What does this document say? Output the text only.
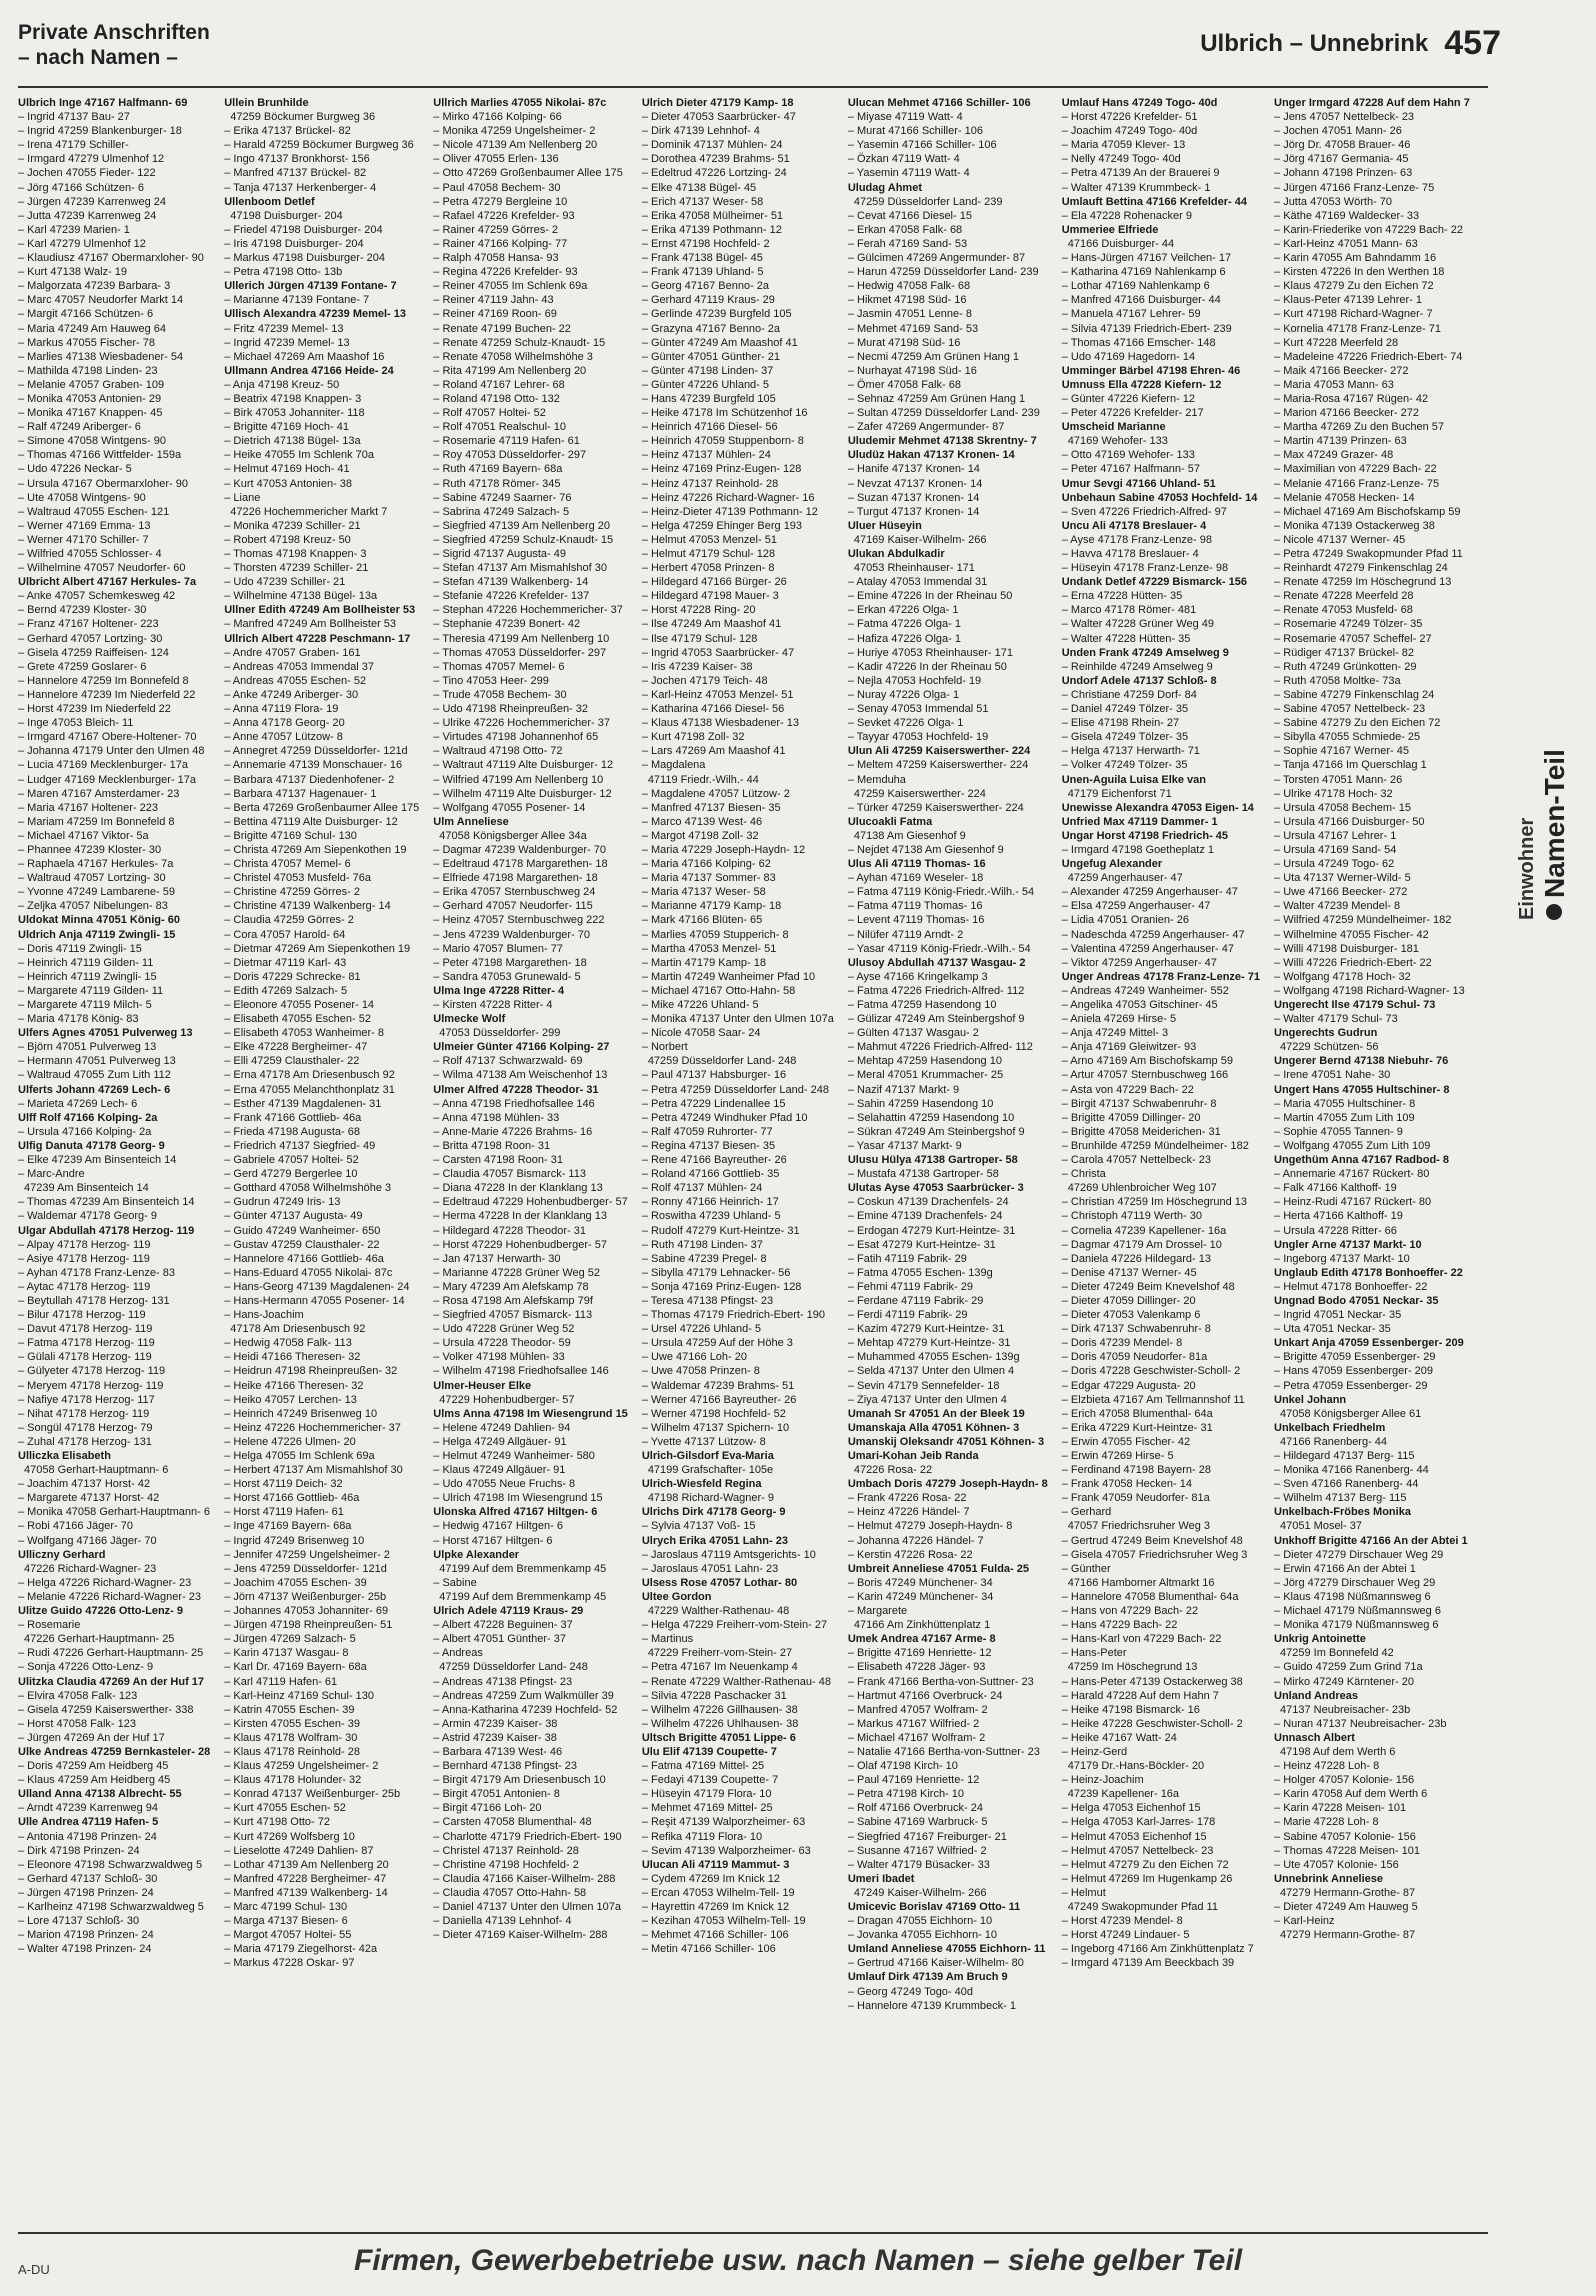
Private Anschriften
– nach Namen –
Ulbrich – Unnebrink 457
Ulbrich Inge 47167 Halfmann- 69
– Ingrid 47137 Bau- 27
– Ingrid 47259 Blankenburger- 18
– Irena 47179 Schiller-
– Irmgard 47279 Ulmenhof 12
– Jochen 47055 Fieder- 122
– Jörg 47166 Schützen- 6
– Jürgen 47239 Karrenweg 24
– Jutta 47239 Karrenweg 24
– Karl 47239 Marien- 1
– Karl 47279 Ulmenhof 12
– Klaudiusz 47167 Obermarxloher- 90
– Kurt 47138 Walz- 19
– Malgorzata 47239 Barbara- 3
– Marc 47057 Neudorfer Markt 14
– Margit 47166 Schützen- 6
– Maria 47249 Am Hauweg 64
– Markus 47055 Fischer- 78
– Marlies 47138 Wiesbadener- 54
– Mathilda 47198 Linden- 23
– Melanie 47057 Graben- 109
– Monika 47053 Antonien- 29
– Monika 47167 Knappen- 45
– Ralf 47249 Ariberger- 6
– Simone 47058 Wintgens- 90
– Thomas 47166 Wittfelder- 159a
– Udo 47226 Neckar- 5
– Ursula 47167 Obermarxloher- 90
– Ute 47058 Wintgens- 90
– Waltraud 47055 Eschen- 121
– Werner 47169 Emma- 13
– Werner 47170 Schiller- 7
– Wilfried 47055 Schlosser- 4
– Wilhelmine 47057 Neudorfer- 60
Ulbricht Albert 47167 Herkules- 7a
– Anke 47057 Schemkesweg 42
– Bernd 47239 Kloster- 30
– Franz 47167 Holtener- 223
– Gerhard 47057 Lortzing- 30
– Gisela 47259 Raiffeisen- 124
– Grete 47259 Goslarer- 6
– Hannelore 47259 Im Bonnefeld 8
– Hannelore 47239 Im Niederfeld 22
– Horst 47239 Im Niederfeld 22
– Inge 47053 Bleich- 11
– Irmgard 47167 Obere-Holtener- 70
– Johanna 47179 Unter den Ulmen 48
– Lucia 47169 Mecklenburger- 17a
– Ludger 47169 Mecklenburger- 17a
– Maren 47167 Amsterdamer- 23
– Maria 47167 Holtener- 223
– Mariam 47259 Im Bonnefeld 8
– Michael 47167 Viktor- 5a
– Phannee 47239 Kloster- 30
– Raphaela 47167 Herkules- 7a
– Waltraud 47057 Lortzing- 30
– Yvonne 47249 Lambarene- 59
– Zeljka 47057 Nibelungen- 83
Uldokat Minna 47051 König- 60
Uldrich Anja 47119 Zwingli- 15
– Doris 47119 Zwingli- 15
– Heinrich 47119 Gilden- 11
– Heinrich 47119 Zwingli- 15
– Margarete 47119 Gilden- 11
– Margarete 47119 Milch- 5
– Maria 47178 König- 83
Ulfers Agnes 47051 Pulverweg 13
– Björn 47051 Pulverweg 13
– Hermann 47051 Pulverweg 13
– Waltraud 47055 Zum Lith 112
Ulferts Johann 47269 Lech- 6
– Marieta 47269 Lech- 6
Ulff Rolf 47166 Kolping- 2a
– Ursula 47166 Kolping- 2a
Ulfig Danuta 47178 Georg- 9
– Elke 47239 Am Binsenteich 14
– Marc-Andre
47239 Am Binsenteich 14
– Thomas 47239 Am Binsenteich 14
– Waldemar 47178 Georg- 9
Ulgar Abdullah 47178 Herzog- 119
– Alpay 47178 Herzog- 119
– Asiye 47178 Herzog- 119
– Ayhan 47178 Franz-Lenze- 83
– Aytac 47178 Herzog- 119
– Beytullah 47178 Herzog- 131
– Bilur 47178 Herzog- 119
– Davut 47178 Herzog- 119
– Fatma 47178 Herzog- 119
– Gülali 47178 Herzog- 119
– Gülyeter 47178 Herzog- 119
– Meryem 47178 Herzog- 119
– Nafiye 47178 Herzog- 117
– Nihat 47178 Herzog- 119
– Songül 47178 Herzog- 79
– Zuhal 47178 Herzog- 131
Ulliczka Elisabeth
47058 Gerhart-Hauptmann- 6
– Joachim 47137 Horst- 42
– Margarete 47137 Horst- 42
– Monika 47058 Gerhart-Hauptmann- 6
– Robi 47166 Jäger- 70
– Wolfgang 47166 Jäger- 70
Ulliczny Gerhard
47226 Richard-Wagner- 23
– Helga 47226 Richard-Wagner- 23
– Melanie 47226 Richard-Wagner- 23
Ulitze Guido 47226 Otto-Lenz- 9
– Rosemarie
47226 Gerhart-Hauptmann- 25
– Rudi 47226 Gerhart-Hauptmann- 25
– Sonja 47226 Otto-Lenz- 9
Ulitzka Claudia 47269 An der Huf 17
– Elvira 47058 Falk- 123
– Gisela 47259 Kaiserswerther- 338
– Horst 47058 Falk- 123
– Jürgen 47269 An der Huf 17
Ulke Andreas 47259 Bernkasteler- 28
– Doris 47259 Am Heidberg 45
– Klaus 47259 Am Heidberg 45
Ulland Anna 47138 Albrecht- 55
– Arndt 47239 Karrenweg 94
Ulle Andrea 47119 Hafen- 5
– Antonia 47198 Prinzen- 24
– Dirk 47198 Prinzen- 24
– Eleonore 47198 Schwarzwaldweg 5
– Gerhard 47137 Schloß- 30
– Jürgen 47198 Prinzen- 24
– Karlheinz 47198 Schwarzwaldweg 5
– Lore 47137 Schloß- 30
– Marion 47198 Prinzen- 24
– Walter 47198 Prinzen- 24
Ullein Brunhilde
47259 Böckumer Burgweg 36
– Erika 47137 Brückel- 82
– Harald 47259 Böckumer Burgweg 36
– Ingo 47137 Bronkhorst- 156
– Manfred 47137 Brückel- 82
– Tanja 47137 Herkenberger- 4
Ullenboom Detlef
47198 Duisburger- 204
– Friedel 47198 Duisburger- 204
– Iris 47198 Duisburger- 204
– Markus 47198 Duisburger- 204
– Petra 47198 Otto- 13b
Ullerich Jürgen 47139 Fontane- 7
– Marianne 47139 Fontane- 7
Ullisch Alexandra 47239 Memel- 13
– Fritz 47239 Memel- 13
– Ingrid 47239 Memel- 13
– Michael 47269 Am Maashof 16
Ullmann Andrea 47166 Heide- 24
– Anja 47198 Kreuz- 50
– Beatrix 47198 Knappen- 3
– Birk 47053 Johanniter- 118
– Brigitte 47169 Hoch- 41
– Dietrich 47138 Bügel- 13a
– Heike 47055 Im Schlenk 70a
– Helmut 47169 Hoch- 41
– Kurt 47053 Antonien- 38
– Liane
47226 Hochemmericher Markt 7
– Monika 47239 Schiller- 21
– Robert 47198 Kreuz- 50
– Thomas 47198 Knappen- 3
– Thorsten 47239 Schiller- 21
– Udo 47239 Schiller- 21
– Wilhelmine 47138 Bügel- 13a
Ullner Edith 47249 Am Bollheister 53
– Manfred 47249 Am Bollheister 53
Ullrich Albert 47228 Peschmann- 17
– Andre 47057 Graben- 161
– Andreas 47053 Immendal 37
– Andreas 47055 Eschen- 52
– Anke 47249 Ariberger- 30
– Anna 47119 Flora- 19
– Anna 47178 Georg- 20
– Anne 47057 Lützow- 8
– Annegret 47259 Düsseldorfer- 121d
– Annemarie 47139 Monschauer- 16
– Barbara 47137 Diedenhofener- 2
– Barbara 47137 Hagenauer- 1
– Berta 47269 Großenbaumer Allee 175
– Bettina 47119 Alte Duisburger- 12
– Brigitte 47169 Schul- 130
– Christa 47269 Am Siepenkothen 19
– Christa 47057 Memel- 6
– Christel 47053 Musfeld- 76a
– Christine 47259 Görres- 2
– Christine 47139 Walkenberg- 14
– Claudia 47259 Görres- 2
– Cora 47057 Harold- 64
– Dietmar 47269 Am Siepenkothen 19
– Dietmar 47119 Karl- 43
– Doris 47229 Schrecke- 81
– Edith 47269 Salzach- 5
– Eleonore 47055 Posener- 14
– Elisabeth 47055 Eschen- 52
– Elisabeth 47053 Wanheimer- 8
– Elke 47228 Bergheimer- 47
– Elli 47259 Clausthaler- 22
– Erna 47178 Am Driesenbusch 92
– Erna 47055 Melanchthonplatz 31
– Esther 47139 Magdalenen- 31
– Frank 47166 Gottlieb- 46a
– Frieda 47198 Augusta- 68
– Friedrich 47137 Siegfried- 49
– Gabriele 47057 Holtei- 52
– Gerd 47279 Bergerlee 10
– Gotthard 47058 Wilhelmshöhe 3
– Gudrun 47249 Iris- 13
– Günter 47137 Augusta- 49
– Guido 47249 Wanheimer- 650
– Gustav 47259 Clausthaler- 22
– Hannelore 47166 Gottlieb- 46a
– Hans-Eduard 47055 Nikolai- 87c
– Hans-Georg 47139 Magdalenen- 24
– Hans-Hermann 47055 Posener- 14
– Hans-Joachim
47178 Am Driesenbusch 92
– Hedwig 47058 Falk- 113
– Heidi 47166 Theresen- 32
– Heidrun 47198 Rheinpreußen- 32
– Heike 47166 Theresen- 32
– Heiko 47057 Lerchen- 13
– Heinrich 47249 Brisenweg 10
– Heinz 47226 Hochemmericher- 37
– Helene 47226 Ulmen- 20
– Helga 47055 Im Schlenk 69a
– Herbert 47137 Am Mismahlshof 30
– Horst 47119 Deich- 32
– Horst 47166 Gottlieb- 46a
– Horst 47119 Hafen- 61
– Inge 47169 Bayern- 68a
– Ingrid 47249 Brisenweg 10
– Jennifer 47259 Ungelsheimer- 2
– Jens 47259 Düsseldorfer- 121d
– Joachim 47055 Eschen- 39
– Jörn 47137 Weißenburger- 25b
– Johannes 47053 Johanniter- 69
– Jürgen 47198 Rheinpreußen- 51
– Jürgen 47269 Salzach- 5
– Karin 47137 Wasgau- 8
– Karl Dr. 47169 Bayern- 68a
– Karl 47119 Hafen- 61
– Karl-Heinz 47169 Schul- 130
– Katrin 47055 Eschen- 39
– Kirsten 47055 Eschen- 39
– Klaus 47178 Wolfram- 30
– Klaus 47178 Reinhold- 28
– Klaus 47259 Ungelsheimer- 2
– Klaus 47178 Holunder- 32
– Konrad 47137 Weißenburger- 25b
– Kurt 47055 Eschen- 52
– Kurt 47198 Otto- 72
– Kurt 47269 Wolfsberg 10
– Lieselotte 47249 Dahlien- 87
– Lothar 47139 Am Nellenberg 20
– Manfred 47228 Bergheimer- 47
– Manfred 47139 Walkenberg- 14
– Marc 47199 Schul- 130
– Marga 47137 Biesen- 6
– Margot 47057 Holtei- 55
– Maria 47179 Ziegelhorst- 42a
– Markus 47228 Oskar- 97
Ullrich Marlies 47055 Nikolai- 87c
– Mirko 47166 Kolping- 66
– Monika 47259 Ungelsheimer- 2
– Nicole 47139 Am Nellenberg 20
– Oliver 47055 Erlen- 136
– Otto 47269 Großenbaumer Allee 175
– Paul 47058 Bechem- 30
– Petra 47279 Bergleine 10
– Rafael 47226 Krefelder- 93
– Rainer 47259 Görres- 2
– Rainer 47166 Kolping- 77
– Ralph 47058 Hansa- 93
– Regina 47226 Krefelder- 93
– Reiner 47055 Im Schlenk 69a
– Reiner 47119 Jahn- 43
– Reiner 47169 Roon- 69
– Renate 47199 Buchen- 22
– Renate 47259 Schulz-Knaudt- 15
– Renate 47058 Wilhelmshöhe 3
– Rita 47199 Am Nellenberg 20
– Roland 47167 Lehrer- 68
– Roland 47198 Otto- 132
– Rolf 47057 Holtei- 52
– Rolf 47051 Realschul- 10
– Rosemarie 47119 Hafen- 61
– Roy 47053 Düsseldorfer- 297
– Ruth 47169 Bayern- 68a
– Ruth 47178 Römer- 345
– Sabine 47249 Saarner- 76
– Sabrina 47249 Salzach- 5
– Siegfried 47139 Am Nellenberg 20
– Siegfried 47259 Schulz-Knaudt- 15
– Sigrid 47137 Augusta- 49
– Stefan 47137 Am Mismahlshof 30
– Stefan 47139 Walkenberg- 14
– Stefanie 47226 Krefelder- 137
– Stephan 47226 Hochemmericher- 37
– Stephanie 47239 Bonert- 42
– Theresia 47199 Am Nellenberg 10
– Thomas 47053 Düsseldorfer- 297
– Thomas 47057 Memel- 6
– Tino 47053 Heer- 299
– Trude 47058 Bechem- 30
– Udo 47198 Rheinpreußen- 32
– Ulrike 47226 Hochemmericher- 37
– Virtudes 47198 Johannenhof 65
– Waltraud 47198 Otto- 72
– Waltraut 47119 Alte Duisburger- 12
– Wilfried 47199 Am Nellenberg 10
– Wilhelm 47119 Alte Duisburger- 12
– Wolfgang 47055 Posener- 14
Ulm Anneliese
47058 Königsberger Allee 34a
– Dagmar 47239 Waldenburger- 70
– Edeltraud 47178 Margarethen- 18
– Elfriede 47198 Margarethen- 18
– Erika 47057 Sternbuschweg 24
– Gerhard 47057 Neudorfer- 115
– Heinz 47057 Sternbuschweg 222
– Jens 47239 Waldenburger- 70
– Mario 47057 Blumen- 77
– Peter 47198 Margarethen- 18
– Sandra 47053 Grunewald- 5
Ulma Inge 47228 Ritter- 4
– Kirsten 47228 Ritter- 4
Ulmecke Wolf
47053 Düsseldorfer- 299
Ulmeier Günter 47166 Kolping- 27
– Rolf 47137 Schwarzwald- 69
– Wilma 47138 Am Weischenhof 13
Ulmer Alfred 47228 Theodor- 31
– Anna 47198 Friedhofsallee 146
– Anna 47198 Mühlen- 33
– Anne-Marie 47226 Brahms- 16
– Britta 47198 Roon- 31
– Carsten 47198 Roon- 31
– Claudia 47057 Bismarck- 113
– Diana 47228 In der Klanklang 13
– Edeltraud 47229 Hohenbudberger- 57
– Herma 47228 In der Klanklang 13
– Hildegard 47228 Theodor- 31
– Horst 47229 Hohenbudberger- 57
– Jan 47137 Herwarth- 30
– Marianne 47228 Grüner Weg 52
– Mary 47239 Am Alefskamp 78
– Rosa 47198 Am Alefskamp 79f
– Siegfried 47057 Bismarck- 113
– Udo 47228 Grüner Weg 52
– Ursula 47228 Theodor- 59
– Volker 47198 Mühlen- 33
– Wilhelm 47198 Friedhofsallee 146
Ulmer-Heuser Elke
47229 Hohenbudberger- 57
Ulms Anna 47198 Im Wiesengrund 15
– Helene 47249 Dahlien- 94
– Helga 47249 Allgäuer- 91
– Helmut 47249 Wanheimer- 580
– Klaus 47249 Allgäuer- 91
– Udo 47055 Neue Fruchs- 8
– Ulrich 47198 Im Wiesengrund 15
Ulonska Alfred 47167 Hiltgen- 6
– Hedwig 47167 Hiltgen- 6
– Horst 47167 Hiltgen- 6
Ulpke Alexander
47199 Auf dem Bremmenkamp 45
– Sabine
47199 Auf dem Bremmenkamp 45
Ulrich Adele 47119 Kraus- 29
– Albert 47228 Beguinen- 37
– Albert 47051 Günther- 37
– Andreas
47259 Düsseldorfer Land- 248
– Andreas 47138 Pfingst- 23
– Andreas 47259 Zum Walkmüller 39
– Anna-Katharina 47239 Hochfeld- 52
– Armin 47239 Kaiser- 38
– Astrid 47239 Kaiser- 38
– Barbara 47139 West- 46
– Bernhard 47138 Pfingst- 23
– Birgit 47179 Am Driesenbusch 10
– Birgit 47051 Antonien- 8
– Birgit 47166 Loh- 20
– Carsten 47058 Blumenthal- 48
– Charlotte 47179 Friedrich-Ebert- 190
– Christel 47137 Reinhold- 28
– Christine 47198 Hochfeld- 2
– Claudia 47166 Kaiser-Wilhelm- 288
– Claudia 47057 Otto-Hahn- 58
– Daniel 47137 Unter den Ulmen 107a
– Daniella 47139 Lehnhof- 4
– Dieter 47169 Kaiser-Wilhelm- 288
Ulrich Dieter 47179 Kamp- 18
– Dieter 47053 Saarbrücker- 47
– Dirk 47139 Lehnhof- 4
– Dominik 47137 Mühlen- 24
– Dorothea 47239 Brahms- 51
– Edeltrud 47226 Lortzing- 24
– Elke 47138 Bügel- 45
– Erich 47137 Weser- 58
– Erika 47058 Mülheimer- 51
– Erika 47139 Pothmann- 12
– Ernst 47198 Hochfeld- 2
– Frank 47138 Bügel- 45
– Frank 47139 Uhland- 5
– Georg 47167 Benno- 2a
– Gerhard 47119 Kraus- 29
– Gerlinde 47239 Burgfeld 105
– Grazyna 47167 Benno- 2a
– Günter 47249 Am Maashof 41
– Günter 47051 Günther- 21
– Günter 47198 Linden- 37
– Günter 47226 Uhland- 5
– Hans 47239 Burgfeld 105
– Heike 47178 Im Schützenhof 16
– Heinrich 47166 Diesel- 56
– Heinrich 47059 Stuppenborn- 8
– Heinz 47137 Mühlen- 24
– Heinz 47169 Prinz-Eugen- 128
– Heinz 47137 Reinhold- 28
– Heinz 47226 Richard-Wagner- 16
– Heinz-Dieter 47139 Pothmann- 12
– Helga 47259 Ehinger Berg 193
– Helmut 47053 Menzel- 51
– Helmut 47179 Schul- 128
– Herbert 47058 Prinzen- 8
– Hildegard 47166 Bürger- 26
– Hildegard 47198 Mauer- 3
– Horst 47228 Ring- 20
– Ilse 47249 Am Maashof 41
– Ilse 47179 Schul- 128
– Ingrid 47053 Saarbrücker- 47
– Iris 47239 Kaiser- 38
– Jochen 47179 Teich- 48
– Karl-Heinz 47053 Menzel- 51
– Katharina 47166 Diesel- 56
– Klaus 47138 Wiesbadener- 13
– Kurt 47198 Zoll- 32
– Lars 47269 Am Maashof 41
– Magdalena
47119 Friedr.-Wilh.- 44
– Magdalene 47057 Lützow- 2
– Manfred 47137 Biesen- 35
– Marco 47139 West- 46
– Margot 47198 Zoll- 32
– Maria 47229 Joseph-Haydn- 12
– Maria 47166 Kolping- 62
– Maria 47137 Sommer- 83
– Maria 47137 Weser- 58
– Marianne 47179 Kamp- 18
– Mark 47166 Blüten- 65
– Marlies 47059 Stupperich- 8
– Martha 47053 Menzel- 51
– Martin 47179 Kamp- 18
– Martin 47249 Wanheimer Pfad 10
– Michael 47167 Otto-Hahn- 58
– Mike 47226 Uhland- 5
– Monika 47137 Unter den Ulmen 107a
– Nicole 47058 Saar- 24
– Norbert
47259 Düsseldorfer Land- 248
– Paul 47137 Habsburger- 16
– Petra 47259 Düsseldorfer Land- 248
– Petra 47229 Lindenallee 15
– Petra 47249 Windhuker Pfad 10
– Ralf 47059 Ruhrorter- 77
– Regina 47137 Biesen- 35
– Rene 47166 Bayreuther- 26
– Roland 47166 Gottlieb- 35
– Rolf 47137 Mühlen- 24
– Ronny 47166 Heinrich- 17
– Roswitha 47239 Uhland- 5
– Rudolf 47279 Kurt-Heintze- 31
– Ruth 47198 Linden- 37
– Sabine 47239 Pregel- 8
– Sibylla 47179 Lehnacker- 56
– Sonja 47169 Prinz-Eugen- 128
– Teresa 47138 Pfingst- 23
– Thomas 47179 Friedrich-Ebert- 190
– Ursel 47226 Uhland- 5
– Ursula 47259 Auf der Höhe 3
– Uwe 47166 Loh- 20
– Uwe 47058 Prinzen- 8
– Waldemar 47239 Brahms- 51
– Werner 47166 Bayreuther- 26
– Werner 47198 Hochfeld- 52
– Wilhelm 47137 Spichern- 10
– Yvette 47137 Lützow- 8
Ulrich-Gilsdorf Eva-Maria
47199 Grafschafter- 105e
Ulrich-Wiesfeld Regina
47198 Richard-Wagner- 9
Ulrichs Dirk 47178 Georg- 9
– Sylvia 47137 Voß- 15
Ulrych Erika 47051 Lahn- 23
– Jaroslaus 47119 Amtsgerichts- 10
– Jaroslaus 47051 Lahn- 23
Ulsess Rose 47057 Lothar- 80
Ultee Gordon
47229 Walther-Rathenau- 48
– Helga 47229 Freiherr-vom-Stein- 27
– Martinus
47229 Freiherr-vom-Stein- 27
– Petra 47167 Im Neuenkamp 4
– Renate 47229 Walther-Rathenau- 48
– Silvia 47228 Paschacker 31
– Wilhelm 47226 Gillhausen- 38
– Wilhelm 47226 Uhlhausen- 38
Ultsch Brigitte 47051 Lippe- 6
Ulu Elif 47139 Coupette- 7
– Fatma 47169 Mittel- 25
– Fedayi 47139 Coupette- 7
– Hüseyin 47179 Flora- 10
– Mehmet 47169 Mittel- 25
– Reşit 47139 Walporzheimer- 63
– Refika 47119 Flora- 10
– Sevim 47139 Walporzheimer- 63
Ulucan Ali 47119 Mammut- 3
– Cydem 47269 Im Knick 12
– Ercan 47053 Wilhelm-Tell- 19
– Hayrettin 47269 Im Knick 12
– Kezihan 47053 Wilhelm-Tell- 19
– Mehmet 47166 Schiller- 106
– Metin 47166 Schiller- 106
Ulucan Mehmet 47166 Schiller- 106
– Miyase 47119 Watt- 4
– Murat 47166 Schiller- 106
– Yasemin 47166 Schiller- 106
– Özkan 47119 Watt- 4
– Yasemin 47119 Watt- 4
Uludag Ahmet
47259 Düsseldorfer Land- 239
– Cevat 47166 Diesel- 15
– Erkan 47058 Falk- 68
– Ferah 47169 Sand- 53
– Gülcimen 47269 Angermunder- 87
– Harun 47259 Düsseldorfer Land- 239
– Hedwig 47058 Falk- 68
– Hikmet 47198 Süd- 16
– Jasmin 47051 Lenne- 8
– Mehmet 47169 Sand- 53
– Murat 47198 Süd- 16
– Necmi 47259 Am Grünen Hang 1
– Nurhayat 47198 Süd- 16
– Ömer 47058 Falk- 68
– Sehnaz 47259 Am Grünen Hang 1
– Sultan 47259 Düsseldorfer Land- 239
– Zafer 47269 Angermunder- 87
Uludemir Mehmet 47138 Skrentny- 7
Uludüz Hakan 47137 Kronen- 14
– Hanife 47137 Kronen- 14
– Nevzat 47137 Kronen- 14
– Suzan 47137 Kronen- 14
– Turgut 47137 Kronen- 14
Uluer Hüseyin
47169 Kaiser-Wilhelm- 266
Ulukan Abdulkadir
47053 Rheinhauser- 171
– Atalay 47053 Immendal 31
– Emine 47226 In der Rheinau 50
– Erkan 47226 Olga- 1
– Fatma 47226 Olga- 1
– Hafiza 47226 Olga- 1
– Huriye 47053 Rheinhauser- 171
– Kadir 47226 In der Rheinau 50
– Nejla 47053 Hochfeld- 19
– Nuray 47226 Olga- 1
– Senay 47053 Immendal 51
– Sevket 47226 Olga- 1
– Tayyar 47053 Hochfeld- 19
Ulun Ali 47259 Kaiserswerther- 224
– Meltem 47259 Kaiserswerther- 224
– Memduha
47259 Kaiserswerther- 224
– Türker 47259 Kaiserswerther- 224
Ulucoakli Fatma
47138 Am Giesenhof 9
– Nejdet 47138 Am Giesenhof 9
Ulus Ali 47119 Thomas- 16
– Ayhan 47169 Weseler- 18
– Fatma 47119 König-Friedr.-Wilh.- 54
– Fatma 47119 Thomas- 16
– Levent 47119 Thomas- 16
– Nilüfer 47119 Arndt- 2
– Yasar 47119 König-Friedr.-Wilh.- 54
Ulusoy Abdullah 47137 Wasgau- 2
– Ayse 47166 Kringelkamp 3
– Fatma 47226 Friedrich-Alfred- 112
– Fatma 47259 Hasendong 10
– Gülizar 47249 Am Steinbergshof 9
– Gülten 47137 Wasgau- 2
– Mahmut 47226 Friedrich-Alfred- 112
– Mehtap 47259 Hasendong 10
– Meral 47051 Krummacher- 25
– Nazif 47137 Markt- 9
– Sahin 47259 Hasendong 10
– Selahattin 47259 Hasendong 10
– Sükran 47249 Am Steinbergshof 9
– Yasar 47137 Markt- 9
Ulusu Hülya 47138 Gartroper- 58
– Mustafa 47138 Gartroper- 58
Ulutas Ayse 47053 Saarbrücker- 3
– Coskun 47139 Drachenfels- 24
– Emine 47139 Drachenfels- 24
– Erdogan 47279 Kurt-Heintze- 31
– Esat 47279 Kurt-Heintze- 31
– Fatih 47119 Fabrik- 29
– Fatma 47055 Eschen- 139g
– Fehmi 47119 Fabrik- 29
– Ferdane 47119 Fabrik- 29
– Ferdi 47119 Fabrik- 29
– Kazim 47279 Kurt-Heintze- 31
– Mehtap 47279 Kurt-Heintze- 31
– Muhammed 47055 Eschen- 139g
– Selda 47137 Unter den Ulmen 4
– Sevin 47179 Sennefelder- 18
– Ziya 47137 Unter den Ulmen 4
Umanah Sr 47051 An der Bleek 19
Umanskaja Alla 47051 Köhnen- 3
Umanskij Oleksandr 47051 Köhnen- 3
Umari-Kohan Jeib Randa
47226 Rosa- 22
Umbach Doris 47279 Joseph-Haydn- 8
– Frank 47226 Rosa- 22
– Heinz 47226 Händel- 7
– Helmut 47279 Joseph-Haydn- 8
– Johanna 47226 Händel- 7
– Kerstin 47226 Rosa- 22
Umbreit Anneliese 47051 Fulda- 25
– Boris 47249 Münchener- 34
– Karin 47249 Münchener- 34
– Margarete
47166 Am Zinkhüttenplatz 1
Umek Andrea 47167 Arme- 8
– Brigitte 47169 Henriette- 12
– Elisabeth 47228 Jäger- 93
– Frank 47166 Bertha-von-Suttner- 23
– Hartmut 47166 Overbruck- 24
– Manfred 47057 Wolfram- 2
– Markus 47167 Wilfried- 2
– Michael 47167 Wolfram- 2
– Natalie 47166 Bertha-von-Suttner- 23
– Olaf 47198 Kirch- 10
– Paul 47169 Henriette- 12
– Petra 47198 Kirch- 10
– Rolf 47166 Overbruck- 24
– Sabine 47169 Warbruck- 5
– Siegfried 47167 Freiburger- 21
– Susanne 47167 Wilfried- 2
– Walter 47179 Büsacker- 33
Umeri Ibadet
47249 Kaiser-Wilhelm- 266
Umicevic Borislav 47169 Otto- 11
– Dragan 47055 Eichhorn- 10
– Jovanka 47055 Eichhorn- 10
Umland Anneliese 47055 Eichhorn- 11
– Gertrud 47166 Kaiser-Wilhelm- 80
Umlauf Dirk 47139 Am Bruch 9
– Georg 47249 Togo- 40d
– Hannelore 47139 Krummbeck- 1
Umlauf Hans 47249 Togo- 40d
– Horst 47226 Krefelder- 51
– Joachim 47249 Togo- 40d
– Maria 47059 Klever- 13
– Nelly 47249 Togo- 40d
– Petra 47139 An der Brauerei 9
– Walter 47139 Krummbeck- 1
Umlauft Bettina 47166 Krefelder- 44
– Ela 47228 Rohenacker 9
Ummeriee Elfriede
47166 Duisburger- 44
– Hans-Jürgen 47167 Veilchen- 17
– Katharina 47169 Nahlenkamp 6
– Lothar 47169 Nahlenkamp 6
– Manfred 47166 Duisburger- 44
– Manuela 47167 Lehrer- 59
– Silvia 47139 Friedrich-Ebert- 239
– Thomas 47166 Emscher- 148
– Udo 47169 Hagedorn- 14
Umminger Bärbel 47198 Ehren- 46
Umnuss Ella 47228 Kiefern- 12
– Günter 47226 Kiefern- 12
– Peter 47226 Krefelder- 217
Umscheid Marianne
47169 Wehofer- 133
– Otto 47169 Wehofer- 133
– Peter 47167 Halfmann- 57
Umur Sevgi 47166 Uhland- 51
Unbehaun Sabine 47053 Hochfeld- 14
– Sven 47226 Friedrich-Alfred- 97
Uncu Ali 47178 Breslauer- 4
– Ayse 47178 Franz-Lenze- 98
– Havva 47178 Breslauer- 4
– Hüseyin 47178 Franz-Lenze- 98
Undank Detlef 47229 Bismarck- 156
– Erna 47228 Hütten- 35
– Marco 47178 Römer- 481
– Walter 47228 Grüner Weg 49
– Walter 47228 Hütten- 35
Unden Frank 47249 Amselweg 9
– Reinhilde 47249 Amselweg 9
Undorf Adele 47137 Schloß- 8
– Christiane 47259 Dorf- 84
– Daniel 47249 Tölzer- 35
– Elise 47198 Rhein- 27
– Gisela 47249 Tölzer- 35
– Helga 47137 Herwarth- 71
– Volker 47249 Tölzer- 35
Unen-Aguila Luisa Elke van
47179 Eichenforst 71
Unewisse Alexandra 47053 Eigen- 14
Unfried Max 47119 Dammer- 1
Ungar Horst 47198 Friedrich- 45
– Irmgard 47198 Goetheplatz 1
Ungefug Alexander
47259 Angerhauser- 47
– Alexander 47259 Angerhauser- 47
– Elsa 47259 Angerhauser- 47
– Lidia 47051 Oranien- 26
– Nadeschda 47259 Angerhauser- 47
– Valentina 47259 Angerhauser- 47
– Viktor 47259 Angerhauser- 47
Unger Andreas 47178 Franz-Lenze- 71
– Andreas 47249 Wanheimer- 552
– Angelika 47053 Gitschiner- 45
– Aniela 47269 Hirse- 5
– Anja 47249 Mittel- 3
– Anja 47169 Gleiwitzer- 93
– Arno 47169 Am Bischofskamp 59
– Artur 47057 Sternbuschweg 166
– Asta von 47229 Bach- 22
– Birgit 47137 Schwabenruhr- 8
– Brigitte 47059 Dillinger- 20
– Brigitte 47058 Meiderichen- 31
– Brunhilde 47259 Mündelheimer- 182
– Carola 47057 Nettelbeck- 23
– Christa
47269 Uhlenbroicher Weg 107
– Christian 47259 Im Höschegrund 13
– Christoph 47119 Werth- 30
– Cornelia 47239 Kapellener- 16a
– Dagmar 47179 Am Drossel- 10
– Daniela 47226 Hildegard- 13
– Denise 47137 Werner- 45
– Dieter 47249 Beim Knevelshof 48
– Dieter 47059 Dillinger- 20
– Dieter 47053 Valenkamp 6
– Dirk 47137 Schwabenruhr- 8
– Doris 47239 Mendel- 8
– Doris 47059 Neudorfer- 81a
– Doris 47228 Geschwister-Scholl- 2
– Edgar 47229 Augusta- 20
– Elzbieta 47167 Am Tellmannshof 11
– Erich 47058 Blumenthal- 64a
– Erika 47229 Kurt-Heintze- 31
– Erwin 47055 Fischer- 42
– Erwin 47269 Hirse- 5
– Ferdinand 47198 Bayern- 28
– Frank 47058 Hecken- 14
– Frank 47059 Neudorfer- 81a
– Gerhard
47057 Friedrichsruher Weg 3
– Gertrud 47249 Beim Knevelshof 48
– Gisela 47057 Friedrichsruher Weg 3
– Günther
47166 Hamborner Altmarkt 16
– Hannelore 47058 Blumenthal- 64a
– Hans von 47229 Bach- 22
– Hans 47229 Bach- 22
– Hans-Karl von 47229 Bach- 22
– Hans-Peter
47259 Im Höschegrund 13
– Hans-Peter 47139 Ostackerweg 38
– Harald 47228 Auf dem Hahn 7
– Heike 47198 Bismarck- 16
– Heike 47228 Geschwister-Scholl- 2
– Heike 47167 Watt- 24
– Heinz-Gerd
47179 Dr.-Hans-Böckler- 20
– Heinz-Joachim
47239 Kapellener- 16a
– Helga 47053 Eichenhof 15
– Helga 47053 Karl-Jarres- 178
– Helmut 47053 Eichenhof 15
– Helmut 47057 Nettelbeck- 23
– Helmut 47279 Zu den Eichen 72
– Helmut 47269 Im Hugenkamp 26
– Helmut
47249 Swakopmunder Pfad 11
– Horst 47239 Mendel- 8
– Horst 47249 Lindauer- 5
– Ingeborg 47166 Am Zinkhüttenplatz 7
– Irmgard 47139 Am Beeckbach 39
Unger Irmgard 47228 Auf dem Hahn 7
– Jens 47057 Nettelbeck- 23
– Jochen 47051 Mann- 26
– Jörg Dr. 47058 Brauer- 46
– Jörg 47167 Germania- 45
– Johann 47198 Prinzen- 63
– Jürgen 47166 Franz-Lenze- 75
– Jutta 47053 Wörth- 70
– Käthe 47169 Waldecker- 33
– Karin-Friederike von 47229 Bach- 22
– Karl-Heinz 47051 Mann- 63
– Karin 47055 Am Bahndamm 16
– Kirsten 47226 In den Werthen 18
– Klaus 47279 Zu den Eichen 72
– Klaus-Peter 47139 Lehrer- 1
– Kurt 47198 Richard-Wagner- 7
– Kornelia 47178 Franz-Lenze- 71
– Kurt 47228 Meerfeld 28
– Madeleine 47226 Friedrich-Ebert- 74
– Maik 47166 Beecker- 272
– Maria 47053 Mann- 63
– Maria-Rosa 47167 Rügen- 42
– Marion 47166 Beecker- 272
– Martha 47269 Zu den Buchen 57
– Martin 47139 Prinzen- 63
– Max 47249 Grazer- 48
– Maximilian von 47229 Bach- 22
– Melanie 47166 Franz-Lenze- 75
– Melanie 47058 Hecken- 14
– Michael 47169 Am Bischofskamp 59
– Monika 47139 Ostackerweg 38
– Nicole 47137 Werner- 45
– Petra 47249 Swakopmunder Pfad 11
– Reinhardt 47279 Finkenschlag 24
– Renate 47259 Im Höschegrund 13
– Renate 47228 Meerfeld 28
– Renate 47053 Musfeld- 68
– Rosemarie 47249 Tölzer- 35
– Rosemarie 47057 Scheffel- 27
– Rüdiger 47137 Brückel- 82
– Ruth 47249 Grünkotten- 29
– Ruth 47058 Moltke- 73a
– Sabine 47279 Finkenschlag 24
– Sabine 47057 Nettelbeck- 23
– Sabine 47279 Zu den Eichen 72
– Sibylla 47055 Schmiede- 25
– Sophie 47167 Werner- 45
– Tanja 47166 Im Querschlag 1
– Torsten 47051 Mann- 26
– Ulrike 47178 Hoch- 32
– Ursula 47058 Bechem- 15
– Ursula 47166 Duisburger- 50
– Ursula 47167 Lehrer- 1
– Ursula 47169 Sand- 54
– Ursula 47249 Togo- 62
– Uta 47137 Werner-Wild- 5
– Uwe 47166 Beecker- 272
– Walter 47239 Mendel- 8
– Wilfried 47259 Mündelheimer- 182
– Wilhelmine 47055 Fischer- 42
– Willi 47198 Duisburger- 181
– Willi 47226 Friedrich-Ebert- 22
– Wolfgang 47178 Hoch- 32
– Wolfgang 47198 Richard-Wagner- 13
Ungerecht Ilse 47179 Schul- 73
– Walter 47179 Schul- 73
Ungerechts Gudrun
47229 Schützen- 56
Ungerer Bernd 47138 Niebuhr- 76
– Irene 47051 Nahe- 30
Ungert Hans 47055 Hultschiner- 8
– Maria 47055 Hultschiner- 8
– Martin 47055 Zum Lith 109
– Sophie 47055 Tannen- 9
– Wolfgang 47055 Zum Lith 109
Ungethüm Anna 47167 Radbod- 8
– Annemarie 47167 Rückert- 80
– Falk 47166 Kalthoff- 19
– Heinz-Rudi 47167 Rückert- 80
– Herta 47166 Kalthoff- 19
– Ursula 47228 Ritter- 66
Ungler Arne 47137 Markt- 10
– Ingeborg 47137 Markt- 10
Unglaub Edith 47178 Bonhoeffer- 22
– Helmut 47178 Bonhoeffer- 22
Ungnad Bodo 47051 Neckar- 35
– Ingrid 47051 Neckar- 35
– Uta 47051 Neckar- 35
Unkart Anja 47059 Essenberger- 209
– Brigitte 47059 Essenberger- 29
– Hans 47059 Essenberger- 209
– Petra 47059 Essenberger- 29
Unkel Johann
47058 Königsberger Allee 61
Unkelbach Friedhelm
47166 Ranenberg- 44
– Hildegard 47137 Berg- 115
– Monika 47166 Ranenberg- 44
– Sven 47166 Ranenberg- 44
– Wilhelm 47137 Berg- 115
Unkelbach-Fröbes Monika
47051 Mosel- 37
Unkhoff Brigitte 47166 An der Abtei 1
– Dieter 47279 Dirschauer Weg 29
– Erwin 47166 An der Abtei 1
– Jörg 47279 Dirschauer Weg 29
– Klaus 47198 Nüßmannsweg 6
– Michael 47179 Nüßmannsweg 6
– Monika 47179 Nüßmannsweg 6
Unkrig Antoinette
47259 Im Bonnefeld 42
– Guido 47259 Zum Grind 71a
– Mirko 47249 Kärntener- 20
Unland Andreas
47137 Neubreisacher- 23b
– Nuran 47137 Neubreisacher- 23b
Unnasch Albert
47198 Auf dem Werth 6
– Heinz 47228 Loh- 8
– Holger 47057 Kolonie- 156
– Karin 47058 Auf dem Werth 6
– Karin 47228 Meisen- 101
– Marie 47228 Loh- 8
– Sabine 47057 Kolonie- 156
– Thomas 47228 Meisen- 101
– Ute 47057 Kolonie- 156
Unnebrink Anneliese
47279 Hermann-Grothe- 87
– Dieter 47249 Am Hauweg 5
– Karl-Heinz
47279 Hermann-Grothe- 87
Einwohner Namen-Teil
A-DU	Firmen, Gewerbebetriebe usw. nach Namen – siehe gelber Teil
